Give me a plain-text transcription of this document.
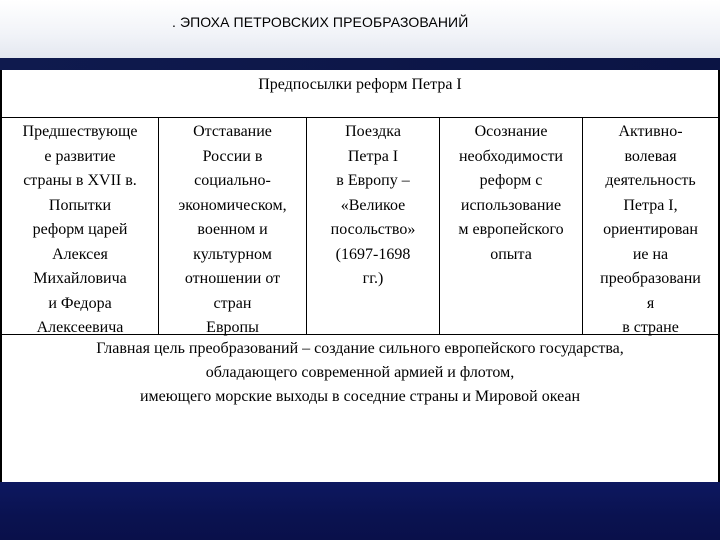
. ЭПОХА ПЕТРОВСКИХ ПРЕОБРАЗОВАНИЙ
Предпосылки реформ Петра I
Предшествующе
е развитие
страны в XVII в.
Попытки
реформ царей
Алексея
Михайловича
и Федора
Алексеевича
Отставание
России в
социально-
экономическом,
военном и
культурном
отношении от
стран
Европы
Поездка
Петра I
в Европу –
«Великое
посольство»
(1697-1698
гг.)
Осознание
необходимости
реформ с
использование
м европейского
опыта
Активно-
волевая
деятельность
Петра I,
ориентирован
ие на
преобразовани
я
в стране
Главная цель преобразований – создание сильного европейского государства,
обладающего современной армией и флотом,
имеющего морские выходы в соседние страны и Мировой океан
